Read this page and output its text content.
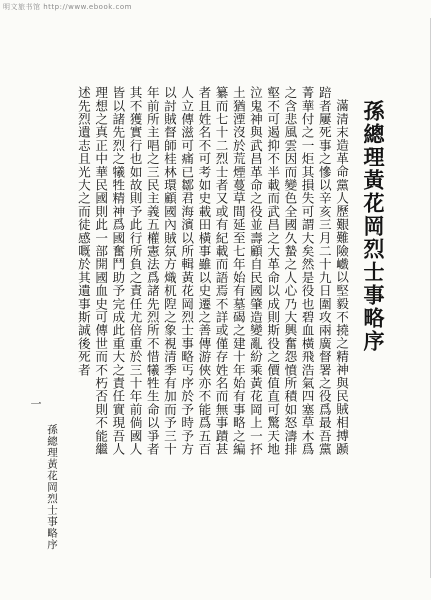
明文旅书馆 http://www.ebook.com
孫總理黃花岡烈士事略序

滿清末造革命黨人歷艱難險巇以堅毅不撓之精神與民賊相搏踬踣者屢死事之慘以辛亥三月二十九日圍攻兩廣督署之役爲最吾黨菁華付之一炬其損失可謂大矣然是役也碧血橫飛浩氣四塞草木爲之含悲風雲因而變色全國久蟄之人心乃大興奮怨憤所積如怒濤排壑不可遏抑不半載而武昌之大革命以成則斯役之價值直可驚天地泣鬼神與武昌革命之役並壽顧自民國肇造變亂紛乘黃花岡上一抔土猶湮沒於荒煙蔓草間延至七年始有墓碣之建十年始有事略之編纂而七十二烈士者又或有紀載而語焉不詳或僅存姓名而無事蹟甚者且姓名不可考如史載田橫事雖以史遷之善傳游俠亦不能爲五百人立傳滋可痛已鄒君海濱以所輯黃花岡烈士事略丐序於予時予方以討賊督師桂林環顧國內賊氛方熾杌隉之象視清季有加而予三十年前所主唱之三民主義五權憲法爲諸先烈所不惜犧牲生命以爭者其不獲實行也如故則予此行所負之責任尤倍重於三十年前倘國人皆以諸先烈之犧牲精神爲國奮鬥助予完成此重大之責任實現吾人理想之真正中華民國則此一部開國血史可傳世而不朽否則不能繼述先烈遺志且光大之而徒感嘅於其遺事斯誠後死者

孫總理黃花岡烈士事略序
一
